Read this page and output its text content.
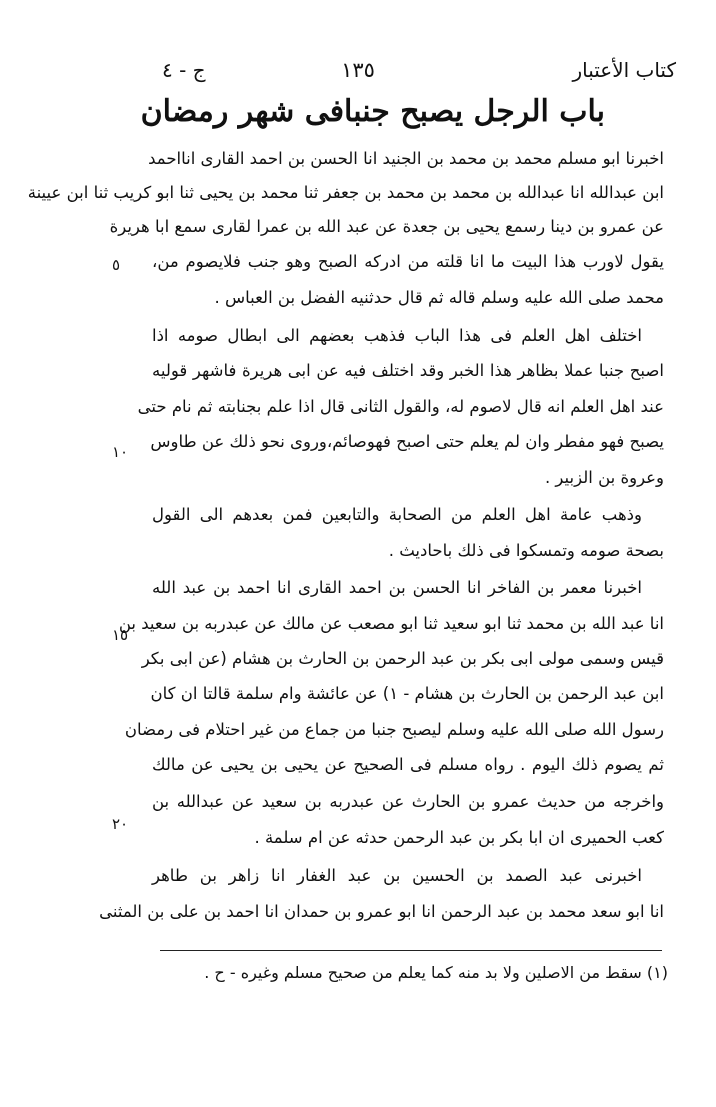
كتاب الأعتبار
١٣٥
ج - ٤
باب الرجل يصبح جنبافى شهر رمضان
اخبرنا ابو مسلم محمد بن محمد بن الجنيد انا الحسن بن احمد القارى انااحمد
ابن عبدالله انا عبدالله بن محمد بن محمد بن جعفر ثنا محمد بن يحيى ثنا ابو كريب ثنا ابن عيينة
عن عمرو بن دينا رسمع يحيى بن جعدة عن عبد الله بن عمرا لقارى سمع ابا هريرة
يقول لاورب هذا البيت ما انا قلته من ادركه الصبح وهو جنب فلايصوم من،
محمد صلى الله عليه وسلم قاله ثم قال حدثنيه الفضل بن العباس .
اختلف اهل العلم فى هذا الباب فذهب بعضهم الى ابطال صومه اذا
اصبح جنبا عملا بظاهر هذا الخبر وقد اختلف فيه عن ابى هريرة فاشهر قوليه
عند اهل العلم انه قال لاصوم له، والقول الثانى قال اذا علم بجنابته ثم نام حتى
يصبح فهو مفطر وان لم يعلم حتى اصبح فهوصائم،وروى نحو ذلك عن طاوس
وعروة بن الزبير .
وذهب عامة اهل العلم من الصحابة والتابعين فمن بعدهم الى القول
بصحة صومه وتمسكوا فى ذلك باحاديث .
اخبرنا معمر بن الفاخر انا الحسن بن احمد القارى انا احمد بن عبد الله
انا عبد الله بن محمد ثنا ابو سعيد ثنا ابو مصعب عن مالك عن عبدربه بن سعيد بن
قيس وسمى مولى ابى بكر بن عبد الرحمن بن الحارث بن هشام (عن ابى بكر
ابن عبد الرحمن بن الحارث بن هشام - ١) عن عائشة وام سلمة قالتا ان كان
رسول الله صلى الله عليه وسلم ليصبح جنبا من جماع من غير احتلام فى رمضان
ثم يصوم ذلك اليوم . رواه مسلم فى الصحيح عن يحيى بن يحيى عن مالك
واخرجه من حديث عمرو بن الحارث عن عبدربه بن سعيد عن عبدالله بن
كعب الحميرى ان ابا بكر بن عبد الرحمن حدثه عن ام سلمة .
اخبرنى عبد الصمد بن الحسين بن عبد الغفار انا زاهر بن طاهر
انا ابو سعد محمد بن عبد الرحمن انا ابو عمرو بن حمدان انا احمد بن على بن المثنى
٥
١٠
١٥
٢٠
(١) سقط من الاصلين ولا بد منه كما يعلم من صحيح مسلم وغيره - ح .
